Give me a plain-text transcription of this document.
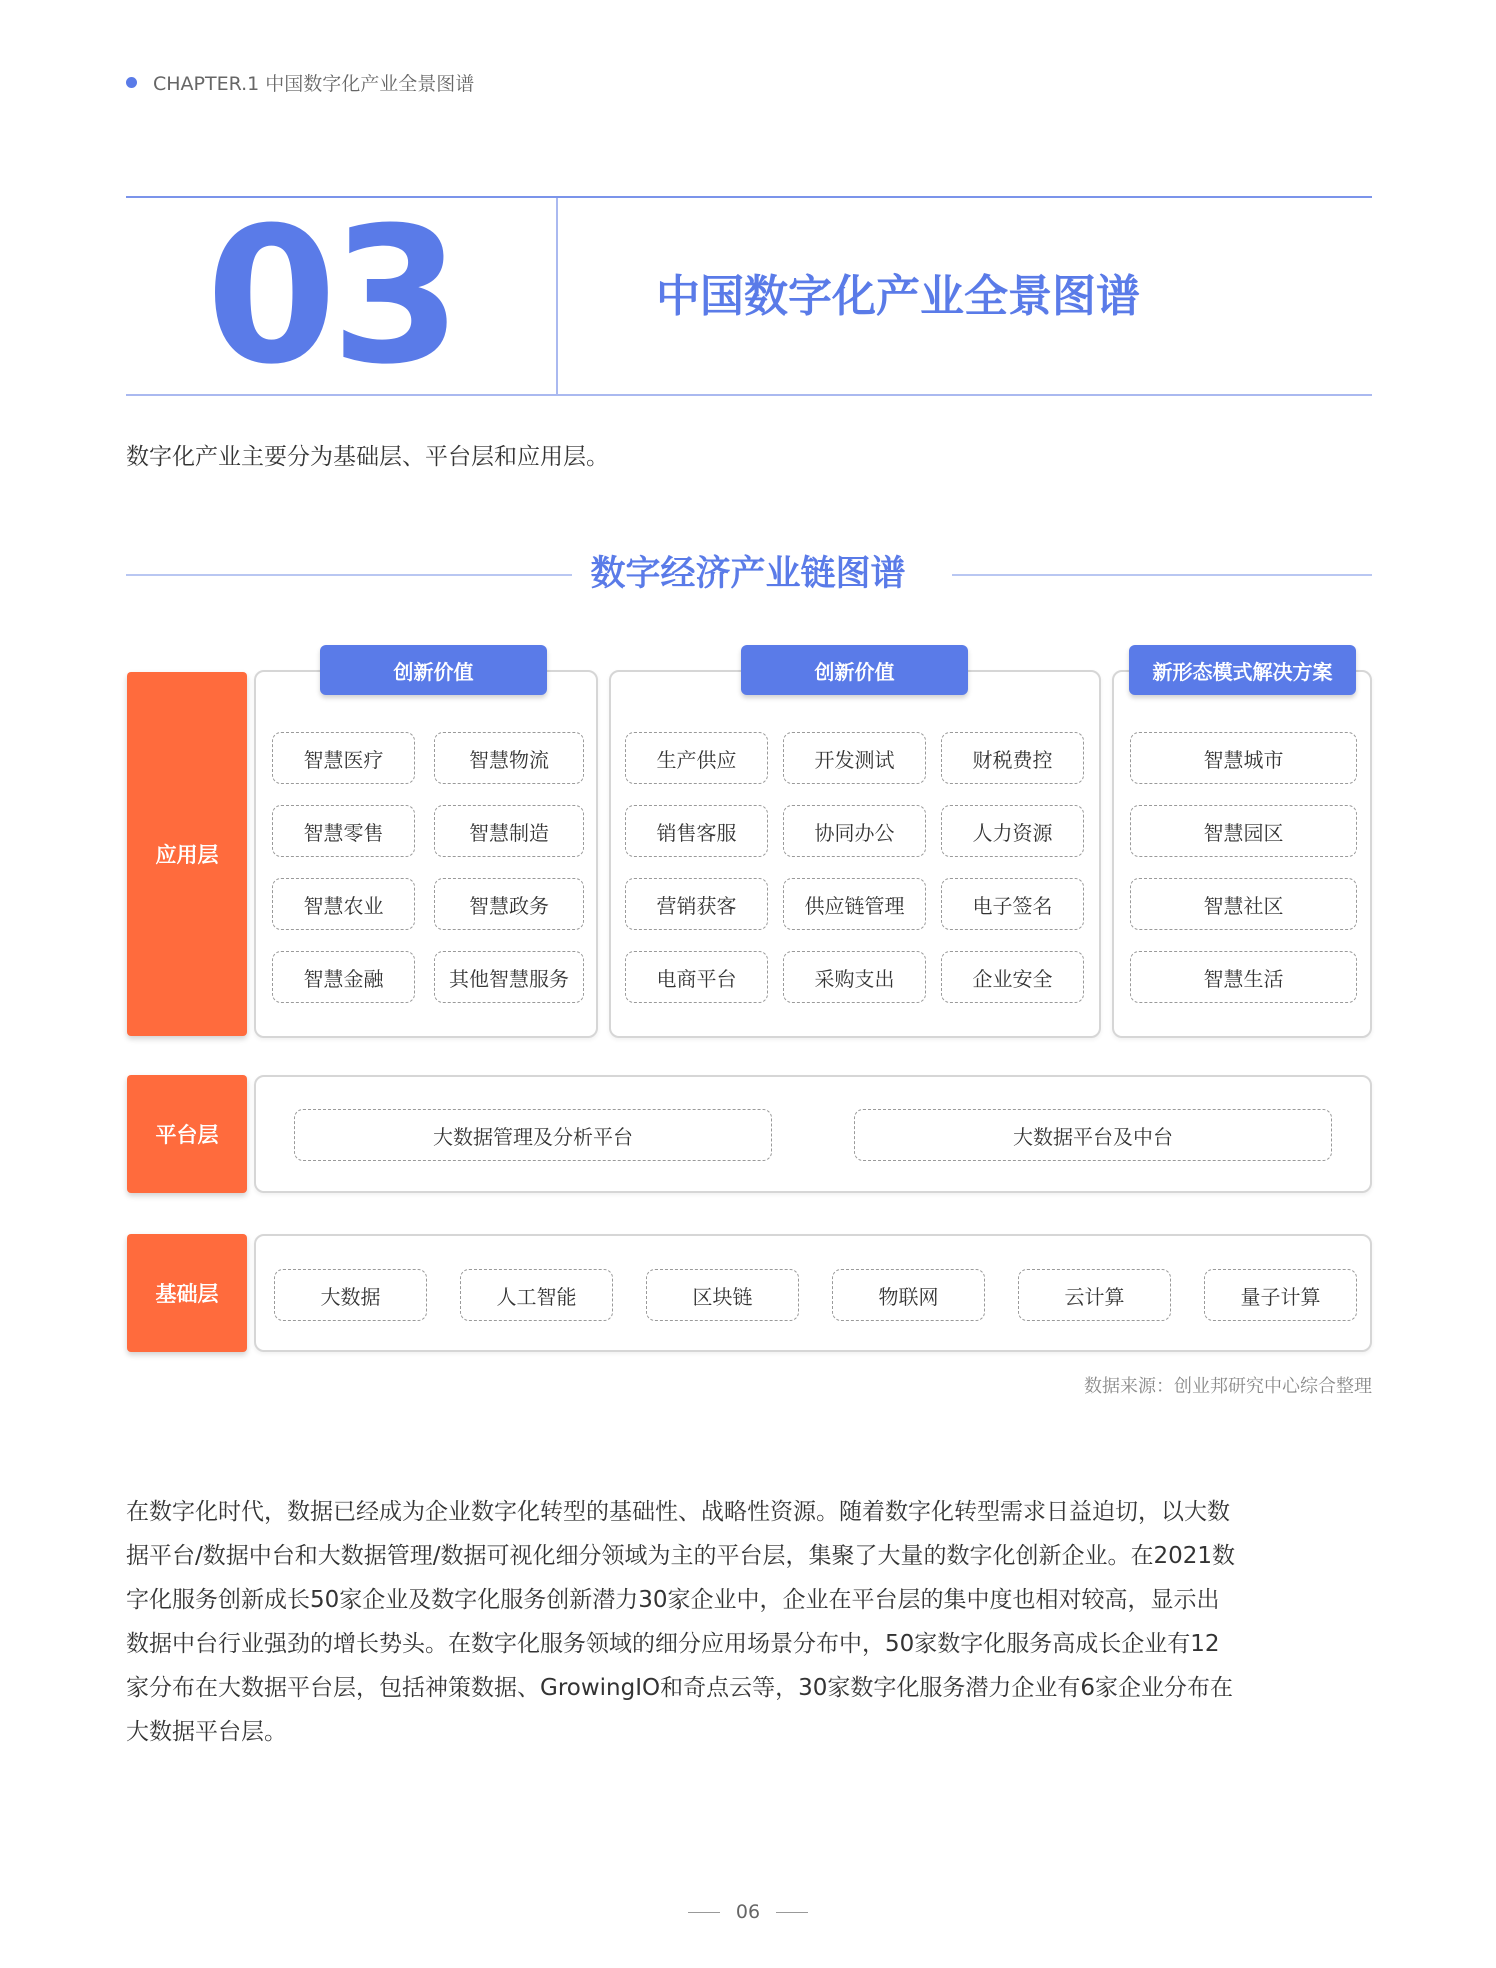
CHAPTER.1 中国数字化产业全景图谱
03	中国数字化产业全景图谱
数字化产业主要分为基础层、平台层和应用层。
数字经济产业链图谱
应用层
智慧医疗	智慧物流
智慧零售	智慧制造
智慧农业	智慧政务
智慧金融	其他智慧服务
创新价值
生产供应	开发测试	财税费控
销售客服	协同办公	人力资源
营销获客	供应链管理	电子签名
电商平台	采购支出	企业安全
创新价值
智慧城市
智慧园区
智慧社区
智慧生活
新形态模式解决方案
平台层	大数据管理及分析平台	大数据平台及中台
基础层	大数据	人工智能	区块链	物联网	云计算	量子计算
数据来源：创业邦研究中心综合整理

在数字化时代，数据已经成为企业数字化转型的基础性、战略性资源。随着数字化转型需求日益迫切，以大数

据平台/数据中台和大数据管理/数据可视化细分领域为主的平台层，集聚了大量的数字化创新企业。在2021数

字化服务创新成长50家企业及数字化服务创新潜力30家企业中，企业在平台层的集中度也相对较高，显示出

数据中台行业强劲的增长势头。在数字化服务领域的细分应用场景分布中，50家数字化服务高成长企业有12

家分布在大数据平台层，包括神策数据、GrowingIO和奇点云等，30家数字化服务潜力企业有6家企业分布在

大数据平台层。

06
